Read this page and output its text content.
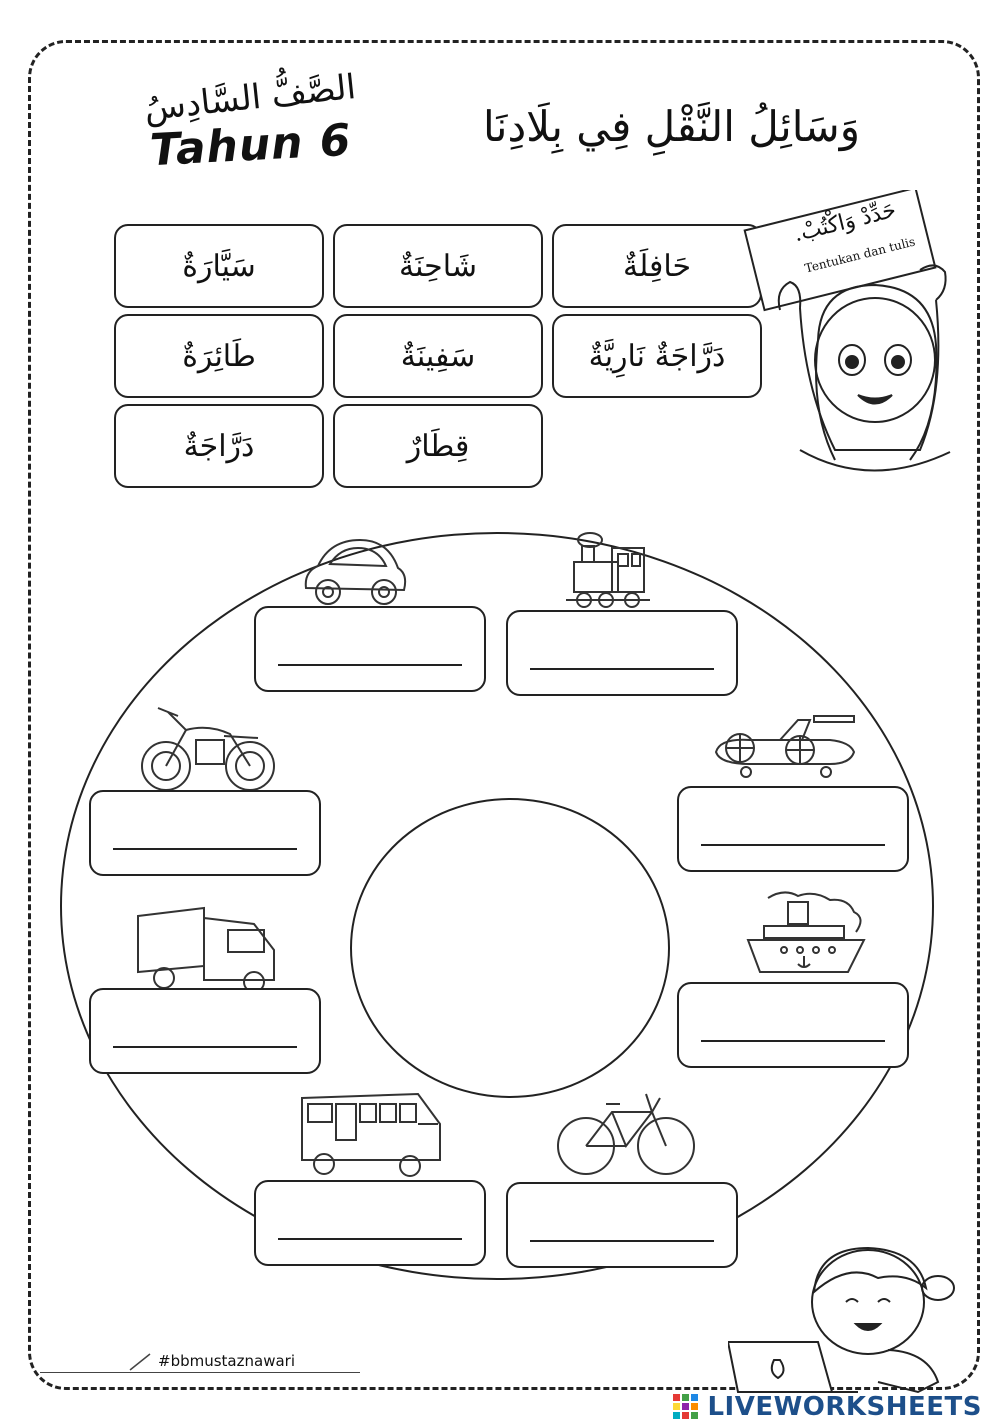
الصَّفُّ السَّادِسُ
Tahun 6	وَسَائِلُ النَّقْلِ فِي بِلَادِنَا
حَافِلَةٌ
شَاحِنَةٌ
سَيَّارَةٌ
دَرَّاجَةٌ نَارِيَّةٌ
سَفِينَةٌ
طَائِرَةٌ
قِطَارٌ
دَرَّاجَةٌ
حَدِّدْ وَاكْتُبْ.
Tentukan dan tulis
#bbmustaznawari
LIVEWORKSHEETS
